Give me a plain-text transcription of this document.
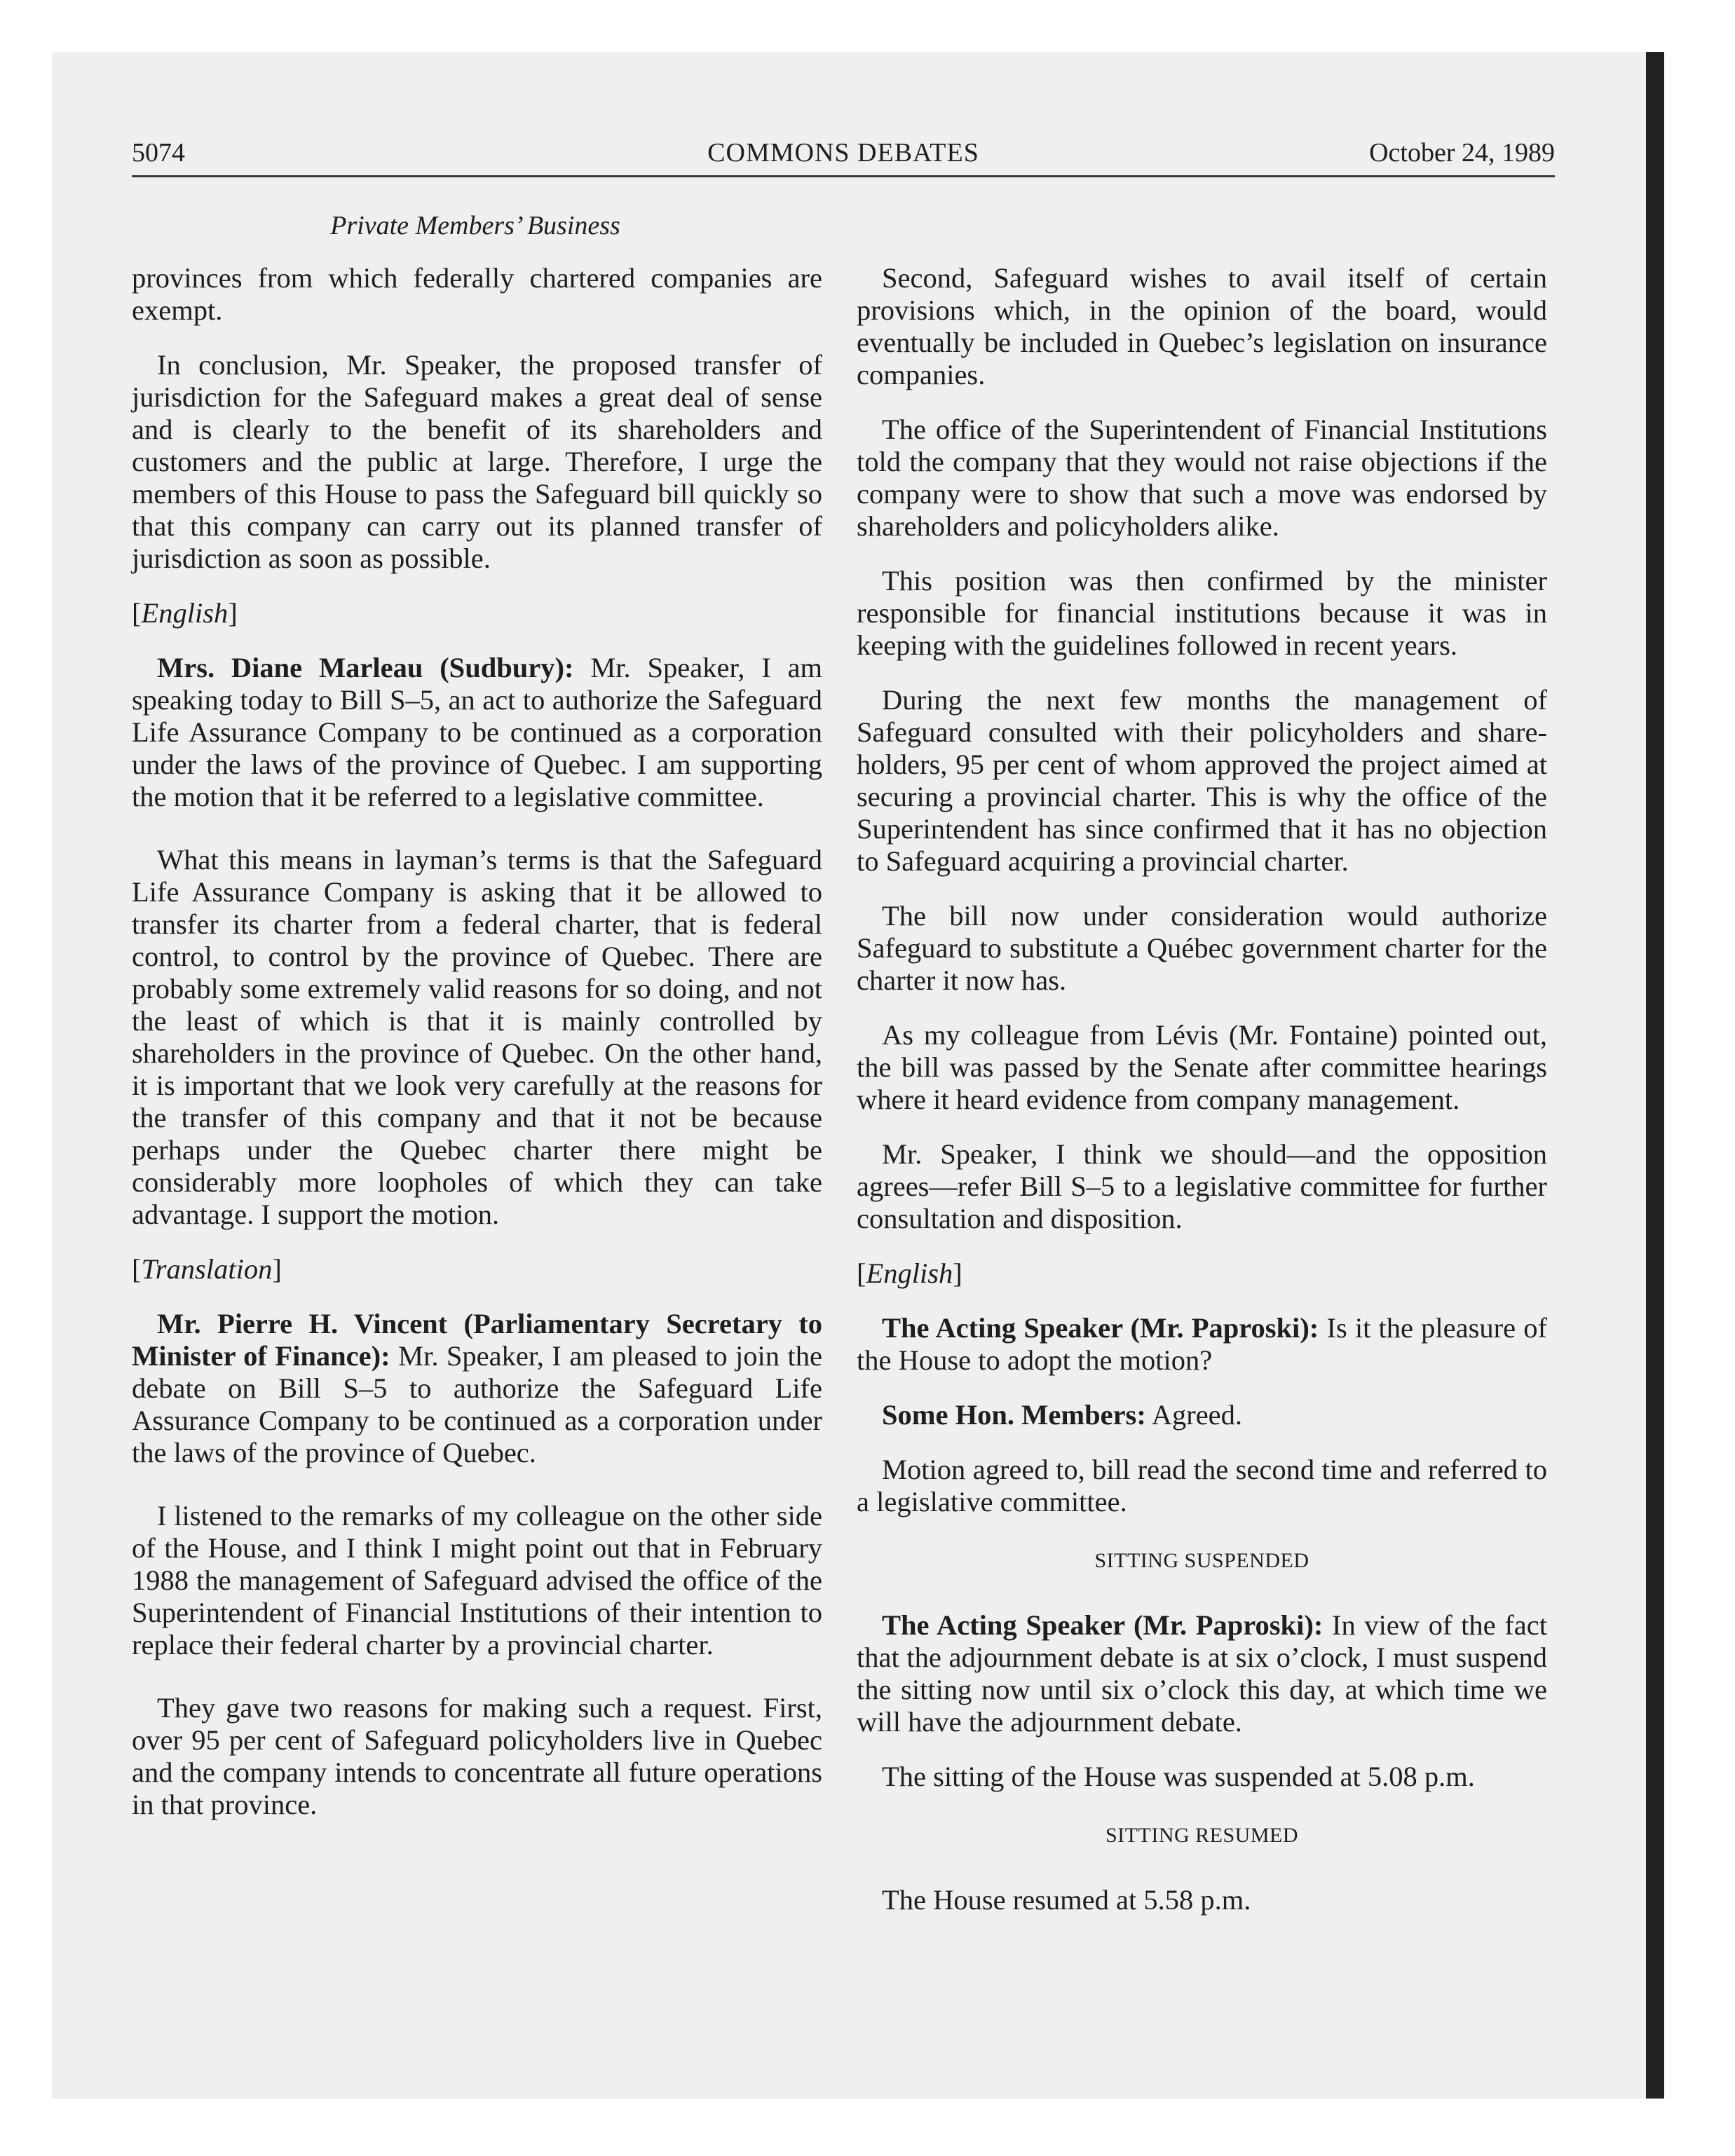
5074	COMMONS DEBATES	October 24, 1989
Private Members’ Business

provinces from which federally chartered companies are exempt.

In conclusion, Mr. Speaker, the proposed transfer of jurisdiction for the Safeguard makes a great deal of sense and is clearly to the benefit of its shareholders and customers and the public at large. Therefore, I urge the members of this House to pass the Safeguard bill quickly so that this company can carry out its planned transfer of jurisdiction as soon as possible.

[English]

Mrs. Diane Marleau (Sudbury): Mr. Speaker, I am speaking today to Bill S–5, an act to authorize the Safeguard Life Assurance Company to be continued as a corporation under the laws of the province of Quebec. I am supporting the motion that it be referred to a legislative committee.

What this means in layman’s terms is that the Safeguard Life Assurance Company is asking that it be allowed to transfer its charter from a federal charter, that is federal control, to control by the province of Quebec. There are probably some extremely valid reasons for so doing, and not the least of which is that it is mainly controlled by shareholders in the province of Quebec. On the other hand, it is important that we look very carefully at the reasons for the transfer of this company and that it not be because perhaps under the Quebec charter there might be considerably more loopholes of which they can take advantage. I support the motion.

[Translation]

Mr. Pierre H. Vincent (Parliamentary Secretary to Minister of Finance): Mr. Speaker, I am pleased to join the debate on Bill S–5 to authorize the Safeguard Life Assurance Company to be continued as a corporation under the laws of the province of Quebec.

I listened to the remarks of my colleague on the other side of the House, and I think I might point out that in February 1988 the management of Safeguard advised the office of the Superintendent of Financial Institutions of their intention to replace their federal charter by a provincial charter.

They gave two reasons for making such a request. First, over 95 per cent of Safeguard policyholders live in Quebec and the company intends to concentrate all future operations in that province.

Second, Safeguard wishes to avail itself of certain provisions which, in the opinion of the board, would eventually be included in Quebec’s legislation on insurance companies.

The office of the Superintendent of Financial Institutions told the company that they would not raise objections if the company were to show that such a move was endorsed by shareholders and policyholders alike.

This position was then confirmed by the minister responsible for financial institutions because it was in keeping with the guidelines followed in recent years.

During the next few months the management of Safeguard consulted with their policyholders and shareholders, 95 per cent of whom approved the project aimed at securing a provincial charter. This is why the office of the Superintendent has since confirmed that it has no objection to Safeguard acquiring a provincial charter.

The bill now under consideration would authorize Safeguard to substitute a Québec government charter for the charter it now has.

As my colleague from Lévis (Mr. Fontaine) pointed out, the bill was passed by the Senate after committee hearings where it heard evidence from company management.

Mr. Speaker, I think we should—and the opposition agrees—refer Bill S–5 to a legislative committee for further consultation and disposition.

[English]

The Acting Speaker (Mr. Paproski): Is it the pleasure of the House to adopt the motion?

Some Hon. Members: Agreed.

Motion agreed to, bill read the second time and referred to a legislative committee.

SITTING SUSPENDED

The Acting Speaker (Mr. Paproski): In view of the fact that the adjournment debate is at six o’clock, I must suspend the sitting now until six o’clock this day, at which time we will have the adjournment debate.

The sitting of the House was suspended at 5.08 p.m.

SITTING RESUMED

The House resumed at 5.58 p.m.
